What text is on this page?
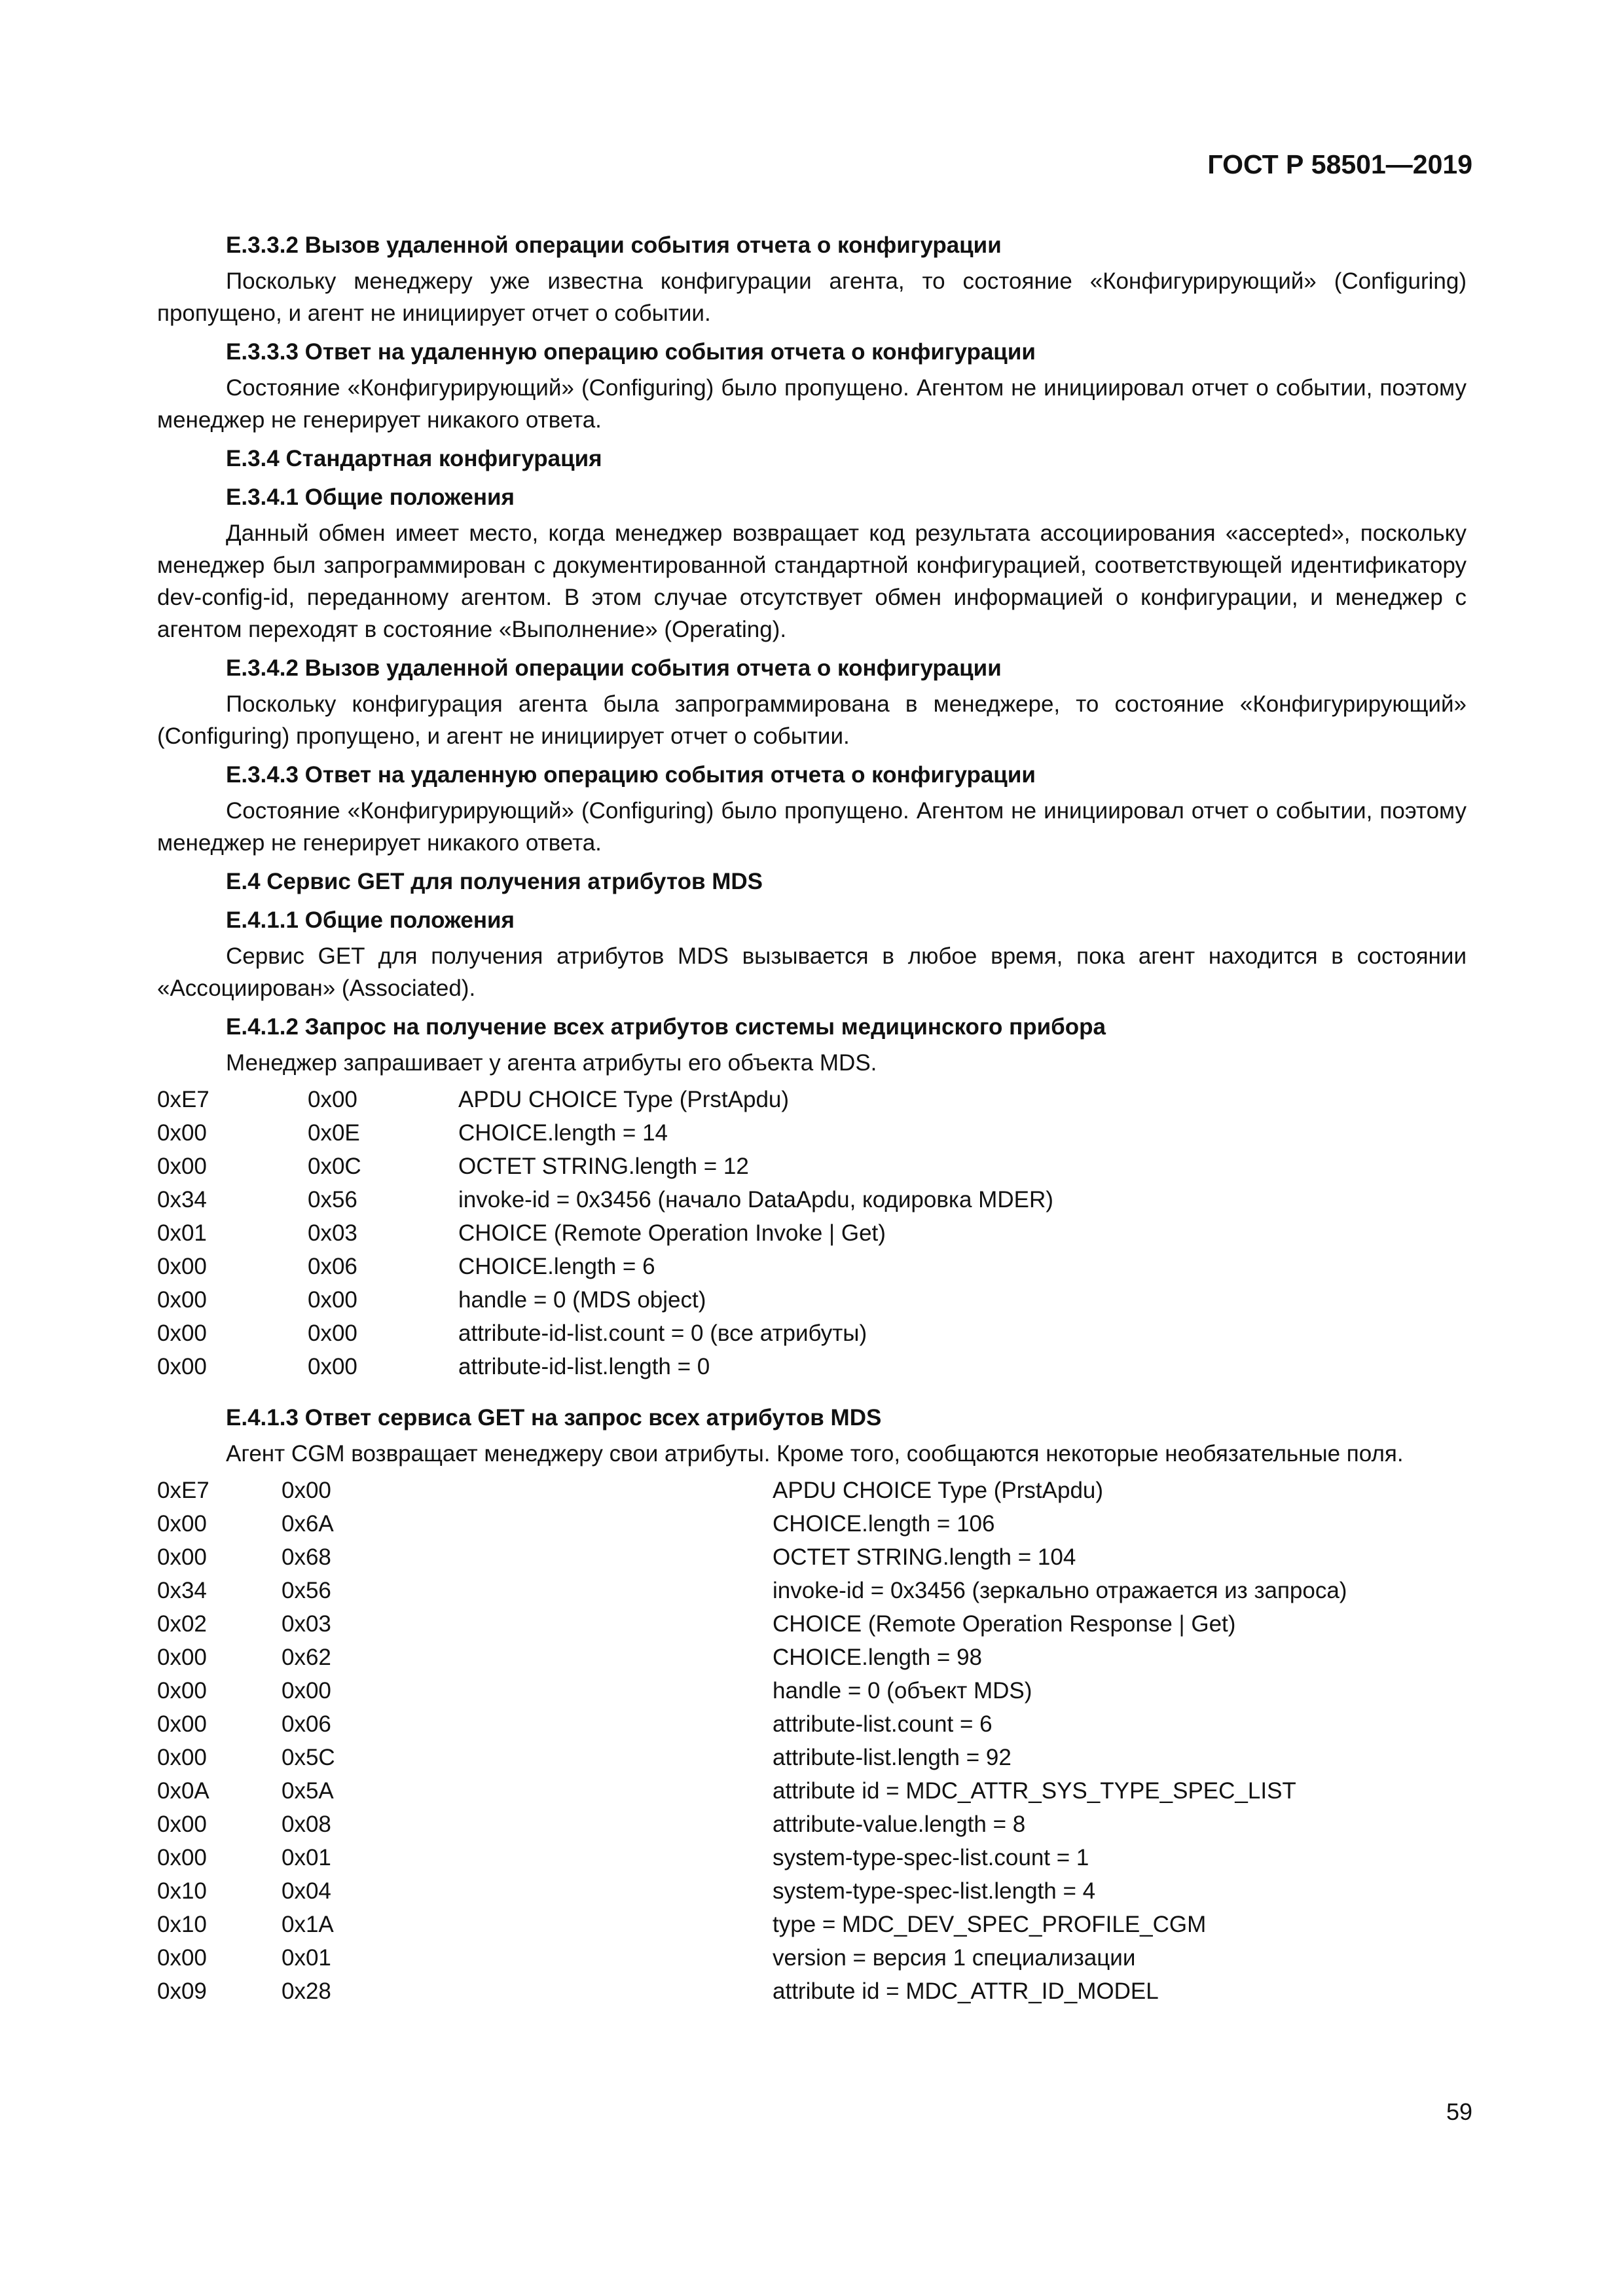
ГОСТ Р 58501—2019
E.3.3.2 Вызов удаленной операции события отчета о конфигурации
Поскольку менеджеру уже известна конфигурации агента, то состояние «Конфигурирующий» (Configuring) пропущено, и агент не инициирует отчет о событии.
E.3.3.3 Ответ на удаленную операцию события отчета о конфигурации
Состояние «Конфигурирующий» (Configuring) было пропущено. Агентом не инициировал отчет о событии, поэтому менеджер не генерирует никакого ответа.
E.3.4 Стандартная конфигурация
E.3.4.1 Общие положения
Данный обмен имеет место, когда менеджер возвращает код результата ассоциирования «accepted», поскольку менеджер был запрограммирован с документированной стандартной конфигурацией, соответствующей идентификатору dev-config-id, переданному агентом. В этом случае отсутствует обмен информацией о конфигурации, и менеджер с агентом переходят в состояние «Выполнение» (Operating).
E.3.4.2 Вызов удаленной операции события отчета о конфигурации
Поскольку конфигурация агента была запрограммирована в менеджере, то состояние «Конфигурирующий» (Configuring) пропущено, и агент не инициирует отчет о событии.
E.3.4.3 Ответ на удаленную операцию события отчета о конфигурации
Состояние «Конфигурирующий» (Configuring) было пропущено. Агентом не инициировал отчет о событии, поэтому менеджер не генерирует никакого ответа.
E.4 Сервис GET для получения атрибутов MDS
E.4.1.1 Общие положения
Сервис GET для получения атрибутов MDS вызывается в любое время, пока агент находится в состоянии «Ассоциирован» (Associated).
E.4.1.2 Запрос на получение всех атрибутов системы медицинского прибора
Менеджер запрашивает у агента атрибуты его объекта MDS.
0xE7	0x00	APDU CHOICE Type (PrstApdu)
0x00	0x0E	CHOICE.length = 14
0x00	0x0C	OCTET STRING.length = 12
0x34	0x56	invoke-id = 0x3456 (начало DataApdu, кодировка MDER)
0x01	0x03	CHOICE (Remote Operation Invoke | Get)
0x00	0x06	CHOICE.length = 6
0x00	0x00	handle = 0 (MDS object)
0x00	0x00	attribute-id-list.count = 0 (все атрибуты)
0x00	0x00	attribute-id-list.length = 0
E.4.1.3 Ответ сервиса GET на запрос всех атрибутов MDS
Агент CGM возвращает менеджеру свои атрибуты. Кроме того, сообщаются некоторые необязательные поля.
0xE7	0x00	APDU CHOICE Type (PrstApdu)
0x00	0x6A	CHOICE.length = 106
0x00	0x68	OCTET STRING.length = 104
0x34	0x56	invoke-id = 0x3456 (зеркально отражается из запроса)
0x02	0x03	CHOICE (Remote Operation Response | Get)
0x00	0x62	CHOICE.length = 98
0x00	0x00	handle = 0 (объект MDS)
0x00	0x06	attribute-list.count = 6
0x00	0x5C	attribute-list.length = 92
0x0A	0x5A	attribute id = MDC_ATTR_SYS_TYPE_SPEC_LIST
0x00	0x08	attribute-value.length = 8
0x00	0x01	system-type-spec-list.count = 1
0x10	0x04	system-type-spec-list.length = 4
0x10	0x1A	type = MDC_DEV_SPEC_PROFILE_CGM
0x00	0x01	version = версия 1 специализации
0x09	0x28	attribute id = MDC_ATTR_ID_MODEL
59
